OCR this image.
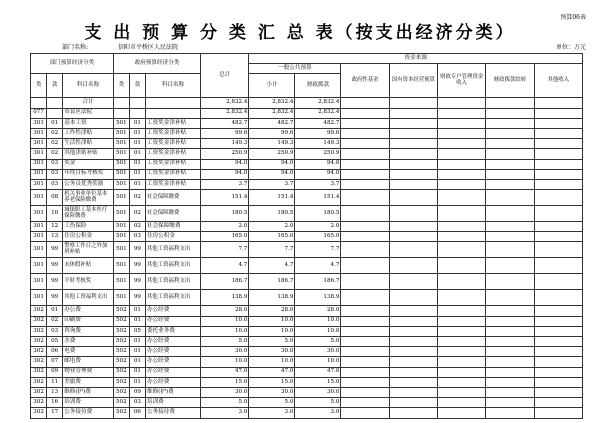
预算06表
支 出 预 算 分 类 汇 总 表（按支出经济分类）
部门名称:	信阳市平桥区人民法院	单位：万元
部门预算经济分类			政府预算经济分类			总计	资金来源						
							一般公共预算		政府性基金	国有资本经营预算	财政专户管理资金收入	财政拨款结转	其他收入
类	款	科目名称	类	款	科目名称		小计	财政拨款					
		合计				2,832.4	2,832.4	2,832.4					
077		市县区法院				2,832.4	2,832.4	2,832.4					
301	01	基本工资	501	01	工资奖金津补贴	482.7	482.7	482.7					
301	02	工作性津贴	501	01	工资奖金津补贴	99.6	99.6	99.6					
301	02	生活性津贴	501	01	工资奖金津补贴	149.3	149.3	149.3					
301	02	其他津贴补贴	501	01	工资奖金津补贴	250.9	250.9	250.9					
301	03	奖金	501	01	工资奖金津补贴	94.0	94.0	94.0					
301	03	年终目标考核奖	501	01	工资奖金津补贴	94.0	94.0	94.0					
301	03	公务员优秀奖励	501	01	工资奖金津补贴	3.7	3.7	3.7					
301	08	机关事业单位基本养老保险缴费	501	02	社会保障缴费	151.4	151.4	151.4					
301	10	城镇职工基本医疗保险缴费	501	02	社会保障缴费	180.5	180.5	180.5					
301	12	工伤保险	501	02	社会保障缴费	2.0	2.0	2.0					
301	13	住房公积金	501	03	住房公积金	165.0	165.0	165.0					
301	99	警察工作日之外加班补贴	501	99	其他工资福利支出	7.7	7.7	7.7					
301	99	未休假补贴	501	99	其他工资福利支出	4.7	4.7	4.7					
301	99	平时考核奖	501	99	其他工资福利支出	186.7	186.7	186.7					
301	99	其他工资福利支出	501	99	其他工资福利支出	138.9	138.9	138.9					
302	01	办公费	502	01	办公经费	28.0	28.0	28.0					
302	02	印刷费	502	01	办公经费	10.0	10.0	10.0					
302	03	咨询费	502	05	委托业务费	10.0	10.0	10.0					
302	05	水费	502	01	办公经费	5.0	5.0	5.0					
302	06	电费	502	01	办公经费	30.0	30.0	30.0					
302	07	邮电费	502	01	办公经费	10.0	10.0	10.0					
302	09	物业管理费	502	01	办公经费	47.0	47.0	47.0					
302	11	差旅费	502	01	办公经费	15.0	15.0	15.0					
302	13	维修(护)费	502	09	维修(护)费	30.0	30.0	30.0					
302	16	培训费	502	03	培训费	5.0	5.0	5.0					
302	17	公务接待费	502	06	公务接待费	3.0	3.0	3.0					
